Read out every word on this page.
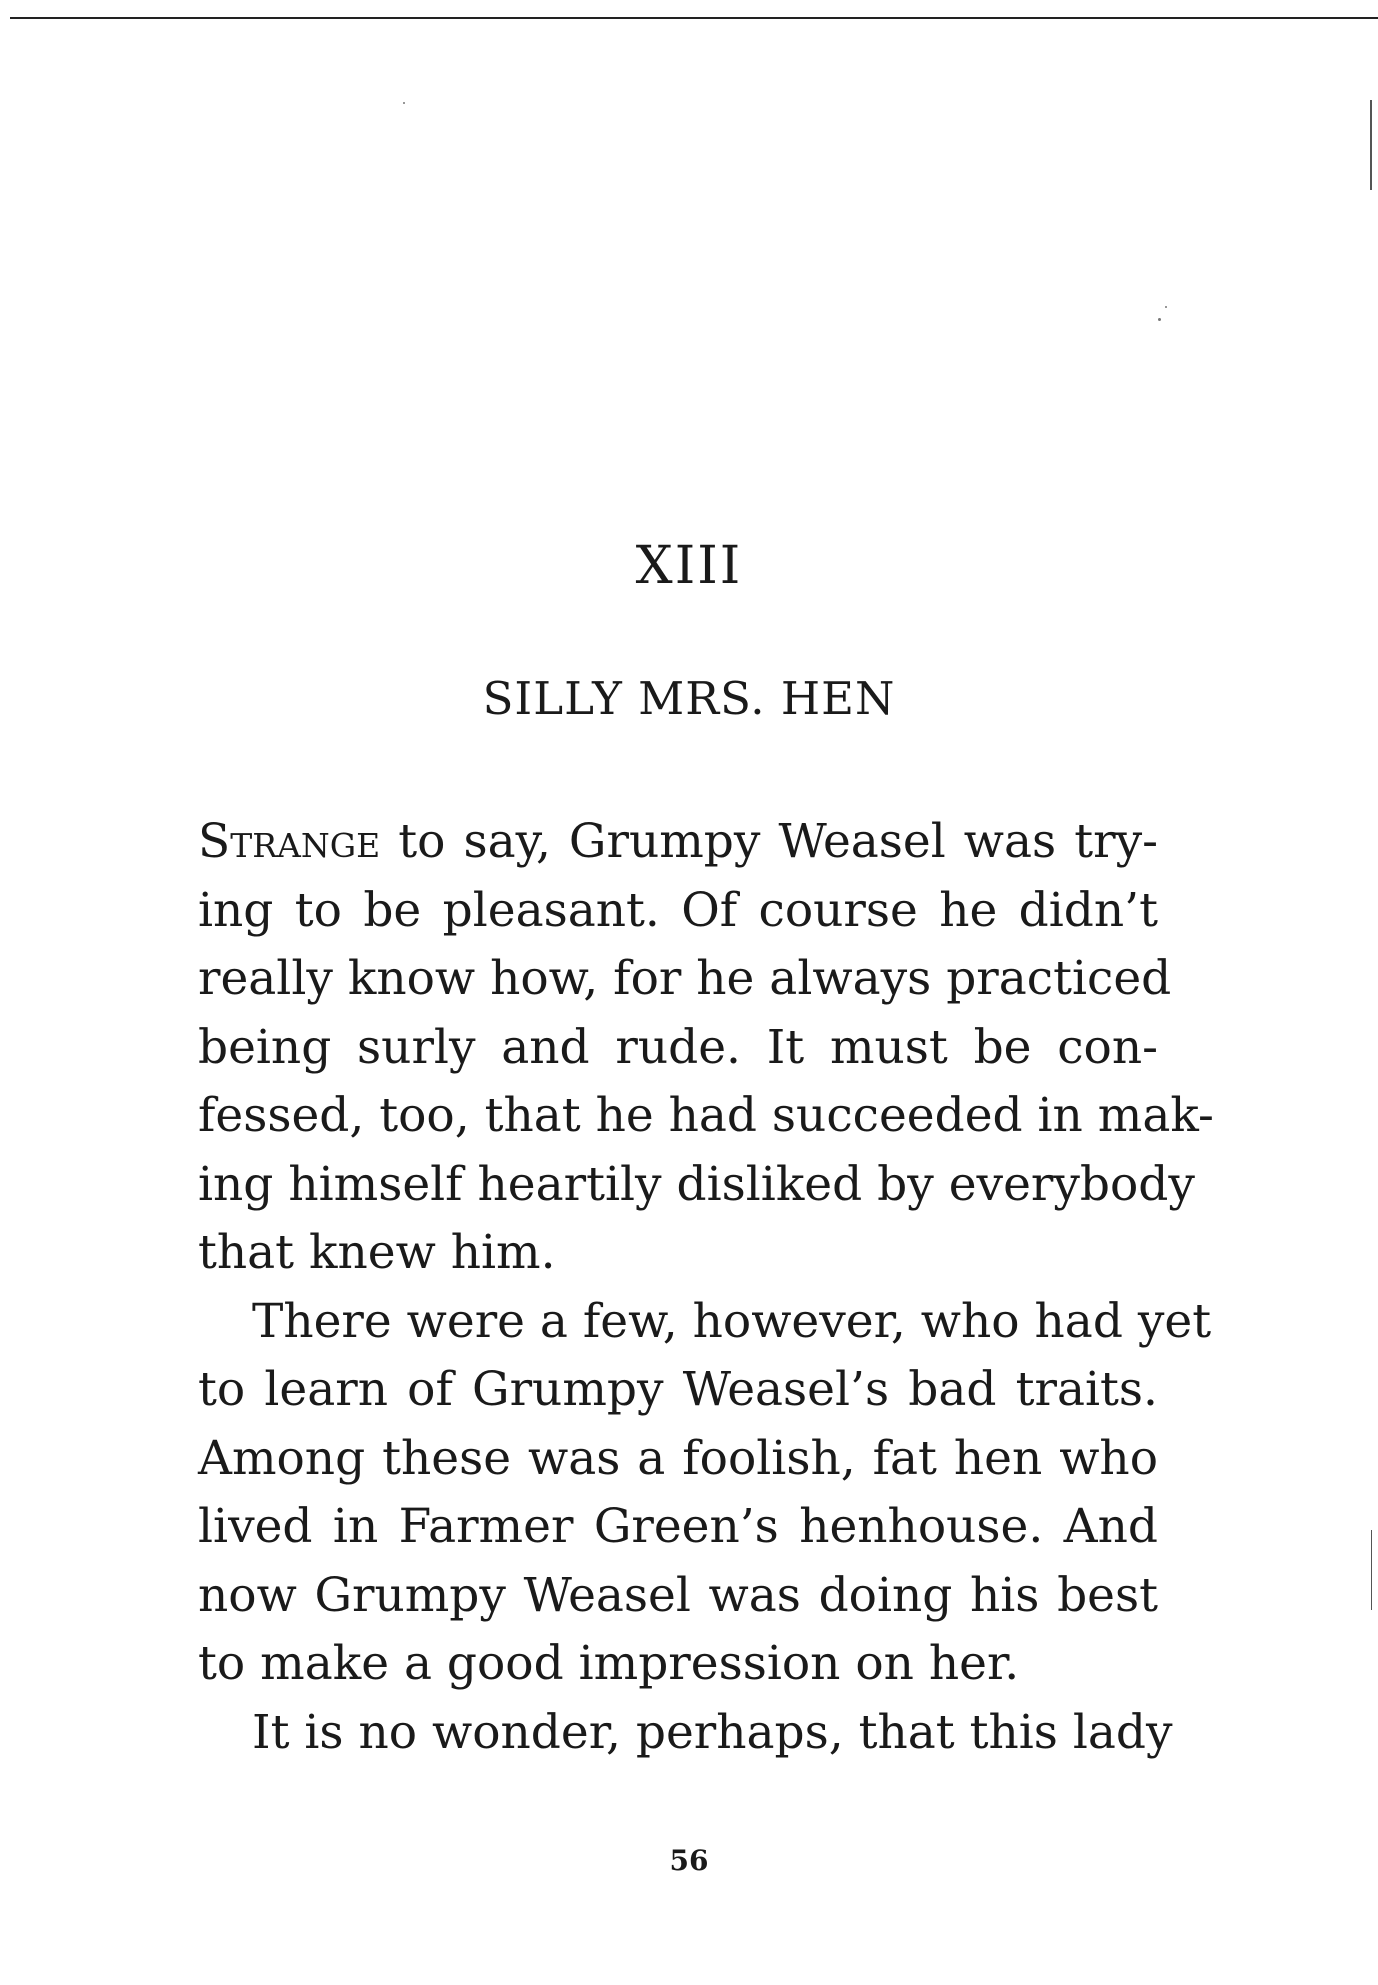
XIII
SILLY MRS. HEN
Strange to say, Grumpy Weasel was try-
ing to be pleasant. Of course he didn’t
really know how, for he always practiced
being surly and rude. It must be con-
fessed, too, that he had succeeded in mak-
ing himself heartily disliked by everybody
that knew him.
There were a few, however, who had yet
to learn of Grumpy Weasel’s bad traits.
Among these was a foolish, fat hen who
lived in Farmer Green’s henhouse. And
now Grumpy Weasel was doing his best
to make a good impression on her.
It is no wonder, perhaps, that this lady
56
